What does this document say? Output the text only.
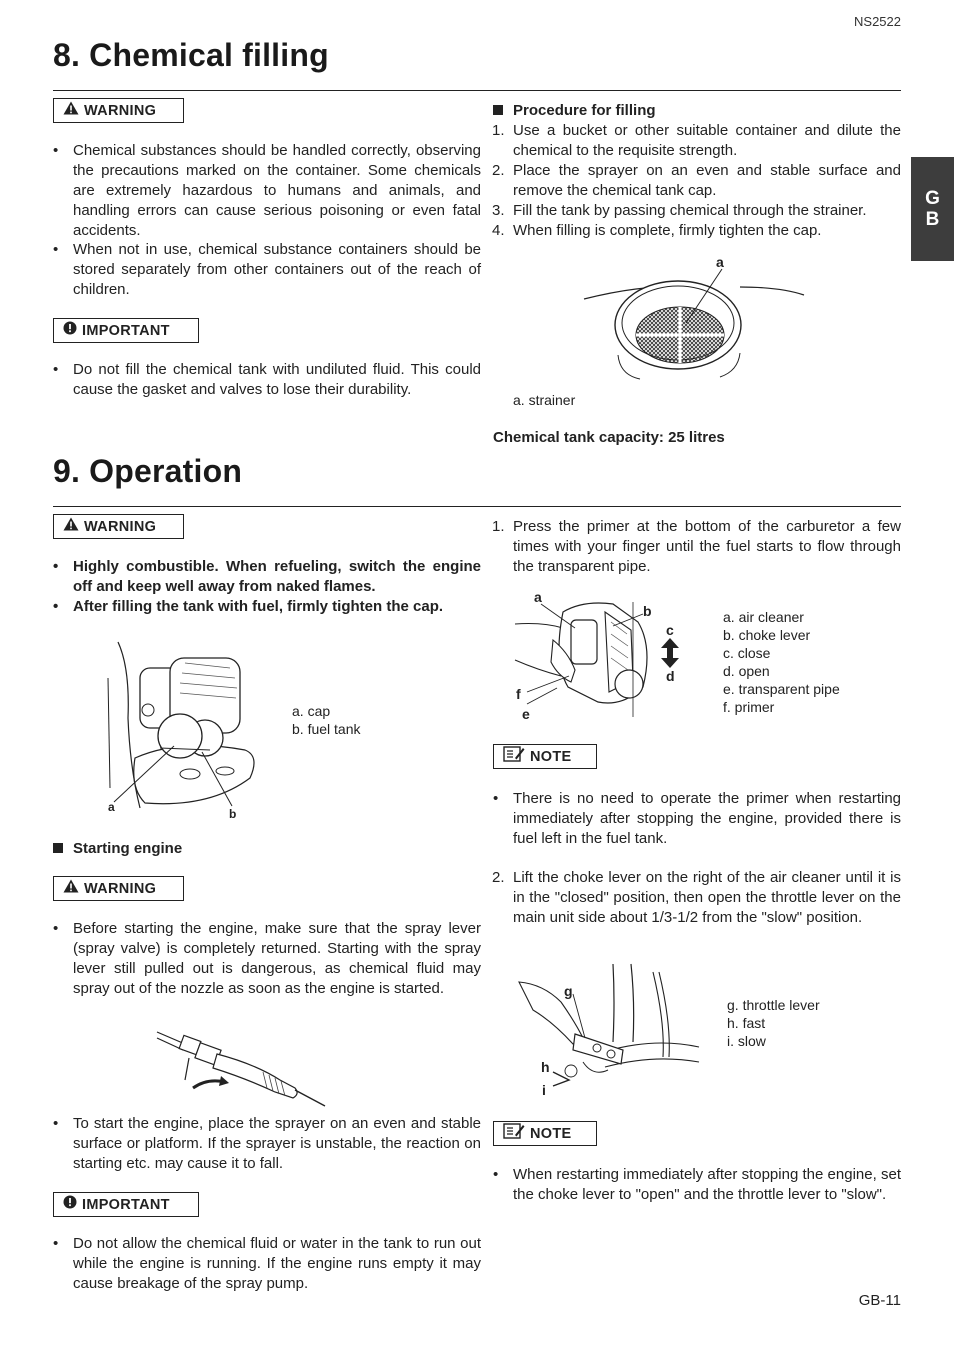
NS2522
8. Chemical filling
G
B
WARNING
• Chemical substances should be handled correctly, observing the precautions marked on the container. Some chemicals are extremely hazardous to humans and animals, and handling errors can cause serious poisoning or even fatal accidents.
• When not in use, chemical substance containers should be stored separately from other containers out of the reach of children.
IMPORTANT
• Do not fill the chemical tank with undiluted fluid. This could cause the gasket and valves to lose their durability.
Procedure for filling
1. Use a bucket or other suitable container and dilute the chemical to the requisite strength.
2. Place the sprayer on an even and stable surface and remove the chemical tank cap.
3. Fill the tank by passing chemical through the strainer.
4. When filling is complete, firmly tighten the cap.
a
a. strainer
Chemical tank capacity: 25 litres
9. Operation
WARNING
• Highly combustible. When refueling, switch the engine off and keep well away from naked flames.
• After filling the tank with fuel, firmly tighten the cap.
a	b
a. cap
b. fuel tank
Starting engine
WARNING
• Before starting the engine, make sure that the spray lever (spray valve) is completely returned. Starting with the spray lever still pulled out is dangerous, as chemical fluid may spray out of the nozzle as soon as the engine is started.
• To start the engine, place the sprayer on an even and stable surface or platform. If the sprayer is unstable, the reaction on starting etc. may cause it to fall.
IMPORTANT
• Do not allow the chemical fluid or water in the tank to run out while the engine is running. If the engine runs empty it may cause breakage of the spray pump.
1. Press the primer at the bottom of the carburetor a few times with your finger until the fuel starts to flow through the transparent pipe.
a
b
c
d
f
e
a. air cleaner
b. choke lever
c. close
d. open
e. transparent pipe
f. primer
NOTE
• There is no need to operate the primer when restarting immediately after stopping the engine, provided there is fuel left in the fuel tank.
2. Lift the choke lever on the right of the air cleaner until it is in the "closed" position, then open the throttle lever on the main unit side about 1/3-1/2 from the "slow" position.
g
h
i
g. throttle lever
h. fast
i. slow
NOTE
• When restarting immediately after stopping the engine, set the choke lever to "open" and the throttle lever to "slow".
GB-11
